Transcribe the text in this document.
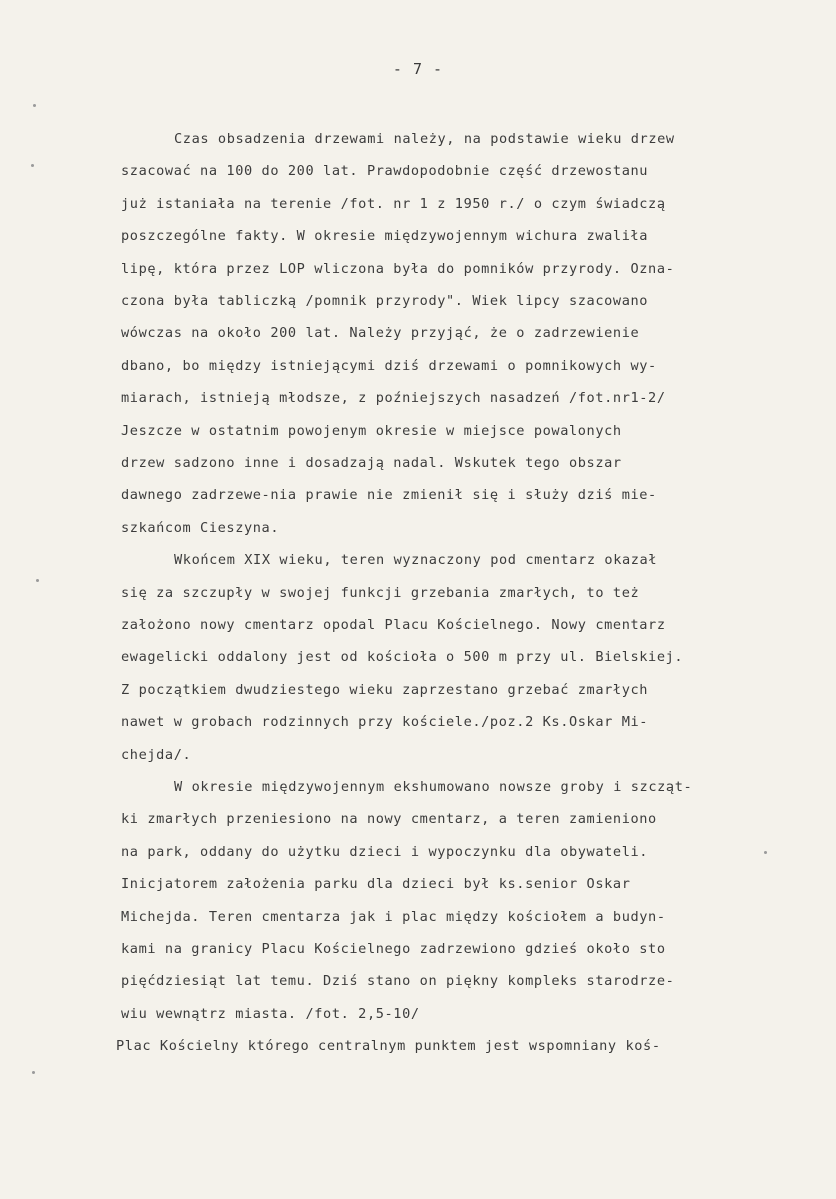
- 7 -
Czas obsadzenia drzewami należy, na podstawie wieku drzew
szacować na 100 do 200 lat. Prawdopodobnie część drzewostanu
już istaniała na terenie /fot. nr 1 z 1950 r./ o czym świadczą
poszczególne fakty. W okresie międzywojennym wichura zwaliła
lipę, która przez LOP wliczona była do pomników przyrody. Ozna-
czona była tabliczką /pomnik przyrody". Wiek lipcy szacowano
wówczas na około 200 lat. Należy przyjąć, że o zadrzewienie
dbano, bo między istniejącymi dziś drzewami o pomnikowych wy-
miarach, istnieją młodsze, z poźniejszych nasadzeń /fot.nr1-2/
Jeszcze w ostatnim powojenym okresie w miejsce powalonych
drzew sadzono inne i dosadzają nadal. Wskutek tego obszar
dawnego zadrzewe-nia prawie nie zmienił się i służy dziś mie-
szkańcom Cieszyna.
Wkońcem XIX wieku, teren wyznaczony pod cmentarz okazał
się za szczupły w swojej funkcji grzebania zmarłych, to też
założono nowy cmentarz opodal Placu Kościelnego. Nowy cmentarz
ewagelicki oddalony jest od kościoła o 500 m przy ul. Bielskiej.
Z początkiem dwudziestego wieku zaprzestano grzebać zmarłych
nawet w grobach rodzinnych przy kościele./poz.2 Ks.Oskar Mi-
chejda/.
W okresie międzywojennym ekshumowano nowsze groby i szcząt-
ki zmarłych przeniesiono na nowy cmentarz, a teren zamieniono
na park, oddany do użytku dzieci i wypoczynku dla obywateli.
Inicjatorem założenia parku dla dzieci był ks.senior Oskar
Michejda. Teren cmentarza jak i plac między kościołem a budyn-
kami na granicy Placu Kościelnego zadrzewiono gdzieś około sto
pięćdziesiąt lat temu. Dziś stano on piękny kompleks starodrze-
wiu wewnątrz miasta. /fot. 2,5-10/
Plac Kościelny którego centralnym punktem jest wspomniany koś-
